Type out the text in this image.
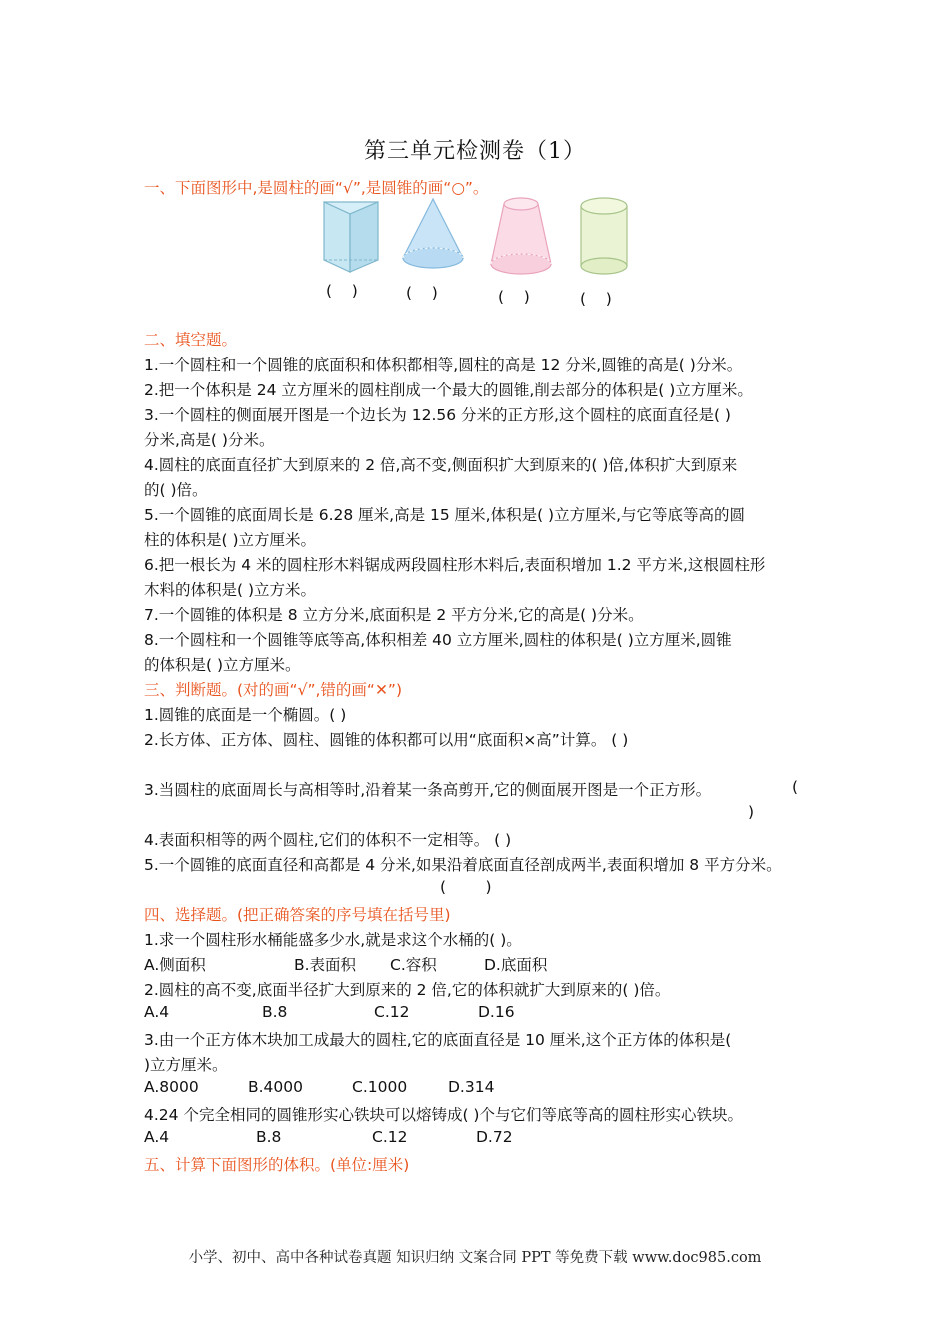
第三单元检测卷（1）
一、下面图形中,是圆柱的画“√”,是圆锥的画“○”。
(    )	(    )	(    )	(    )
二、填空题。
1.一个圆柱和一个圆锥的底面积和体积都相等,圆柱的高是 12 分米,圆锥的高是( )分米。
2.把一个体积是 24 立方厘米的圆柱削成一个最大的圆锥,削去部分的体积是( )立方厘米。
3.一个圆柱的侧面展开图是一个边长为 12.56 分米的正方形,这个圆柱的底面直径是( )
分米,高是( )分米。
4.圆柱的底面直径扩大到原来的 2 倍,高不变,侧面积扩大到原来的( )倍,体积扩大到原来
的( )倍。
5.一个圆锥的底面周长是 6.28 厘米,高是 15 厘米,体积是( )立方厘米,与它等底等高的圆
柱的体积是( )立方厘米。
6.把一根长为 4 米的圆柱形木料锯成两段圆柱形木料后,表面积增加 1.2 平方米,这根圆柱形
木料的体积是( )立方米。
7.一个圆锥的体积是 8 立方分米,底面积是 2 平方分米,它的高是( )分米。
8.一个圆柱和一个圆锥等底等高,体积相差 40 立方厘米,圆柱的体积是( )立方厘米,圆锥
的体积是( )立方厘米。
三、判断题。(对的画“√”,错的画“✕”)
1.圆锥的底面是一个椭圆。( )
2.长方体、正方体、圆柱、圆锥的体积都可以用“底面积×高”计算。 ( )
3.当圆柱的底面周长与高相等时,沿着某一条高剪开,它的侧面展开图是一个正方形。	(
)
4.表面积相等的两个圆柱,它们的体积不一定相等。 ( )
5.一个圆锥的底面直径和高都是 4 分米,如果沿着底面直径剖成两半,表面积增加 8 平方分米。
(        )
四、选择题。(把正确答案的序号填在括号里)
1.求一个圆柱形水桶能盛多少水,就是求这个水桶的( )。
A.侧面积	B.表面积 C.容积	D.底面积
2.圆柱的高不变,底面半径扩大到原来的 2 倍,它的体积就扩大到原来的( )倍。
A.4	B.8	C.12	D.16
3.由一个正方体木块加工成最大的圆柱,它的底面直径是 10 厘米,这个正方体的体积是(
)立方厘米。
A.8000	B.4000	C.1000	D.314
4.24 个完全相同的圆锥形实心铁块可以熔铸成( )个与它们等底等高的圆柱形实心铁块。
A.4	B.8	C.12	D.72
五、计算下面图形的体积。(单位:厘米)
小学、初中、高中各种试卷真题 知识归纳 文案合同 PPT 等免费下载 www.doc985.com
